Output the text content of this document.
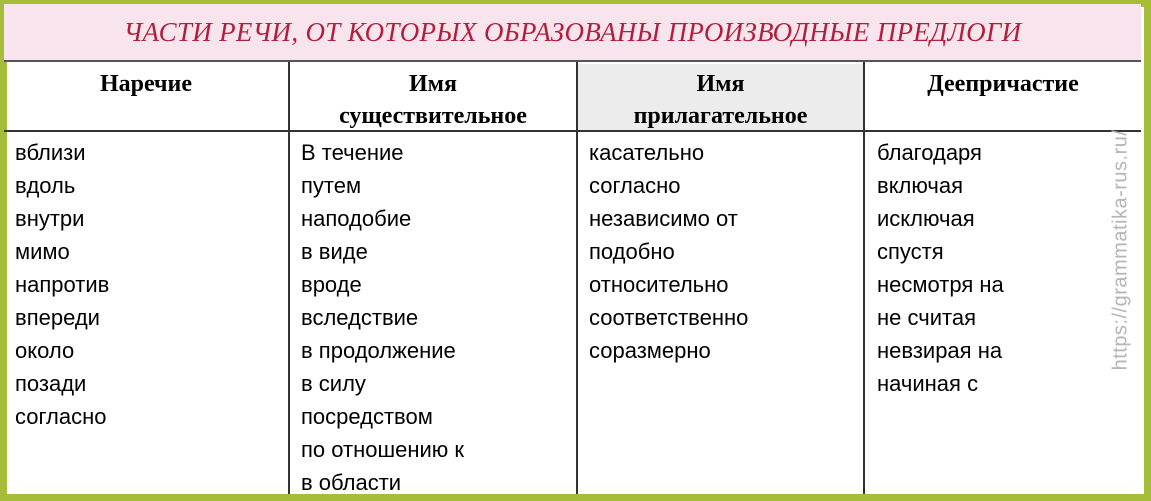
ЧАСТИ РЕЧИ, ОТ КОТОРЫХ ОБРАЗОВАНЫ ПРОИЗВОДНЫЕ ПРЕДЛОГИ
Наречие
вблизи
вдоль
внутри
мимо
напротив
впереди
около
позади
согласно
Имя
существительное
В течение
путем
наподобие
в виде
вроде
вследствие
в продолжение
в силу
посредством
по отношению к
в области
Имя
прилагательное
касательно
согласно
независимо от
подобно
относительно
соответственно
соразмерно
Деепричастие
благодаря
включая
исключая
спустя
несмотря на
не считая
невзирая на
начиная с
https://grammatika-rus.ru/
